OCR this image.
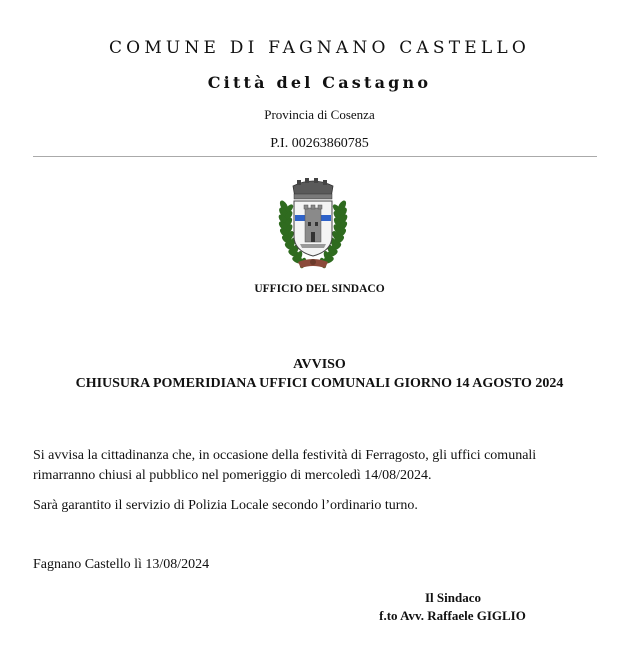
COMUNE DI FAGNANO CASTELLO
Città del Castagno
Provincia di Cosenza
P.I. 00263860785
UFFICIO DEL SINDACO
AVVISO
CHIUSURA POMERIDIANA UFFICI COMUNALI GIORNO 14 AGOSTO 2024
Si avvisa la cittadinanza che, in occasione della festività di Ferragosto, gli uffici comunali
rimarranno chiusi al pubblico nel pomeriggio di mercoledì 14/08/2024.
Sarà garantito il servizio di Polizia Locale secondo l’ordinario turno.
Fagnano Castello lì 13/08/2024
Il Sindaco
f.to Avv. Raffaele GIGLIO
